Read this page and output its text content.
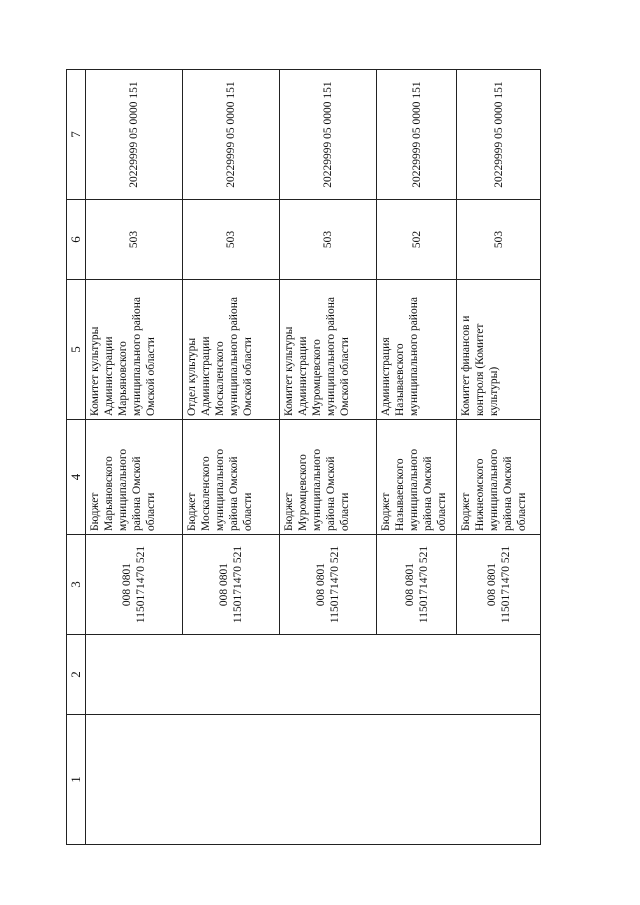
1	2	3	4	5	6	7
		008 0801
1150171470 521	Бюджет
Марьяновского
муниципального
района Омской
области	Комитет культуры
Администрации
Марьяновского
муниципального района
Омской области	503	20229999 05 0000 151
		008 0801
1150171470 521	Бюджет
Москаленского
муниципального
района Омской
области	Отдел культуры
Администрации
Москаленского
муниципального района
Омской области	503	20229999 05 0000 151
		008 0801
1150171470 521	Бюджет
Муромцевского
муниципального
района Омской
области	Комитет культуры
Администрации
Муромцевского
муниципального района
Омской области	503	20229999 05 0000 151
		008 0801
1150171470 521	Бюджет
Называевского
муниципального
района Омской
области	Администрация
Называевского
муниципального района	502	20229999 05 0000 151
		008 0801
1150171470 521	Бюджет
Нижнеомского
муниципального
района Омской
области	Комитет финансов и
контроля (Комитет
культуры)	503	20229999 05 0000 151
